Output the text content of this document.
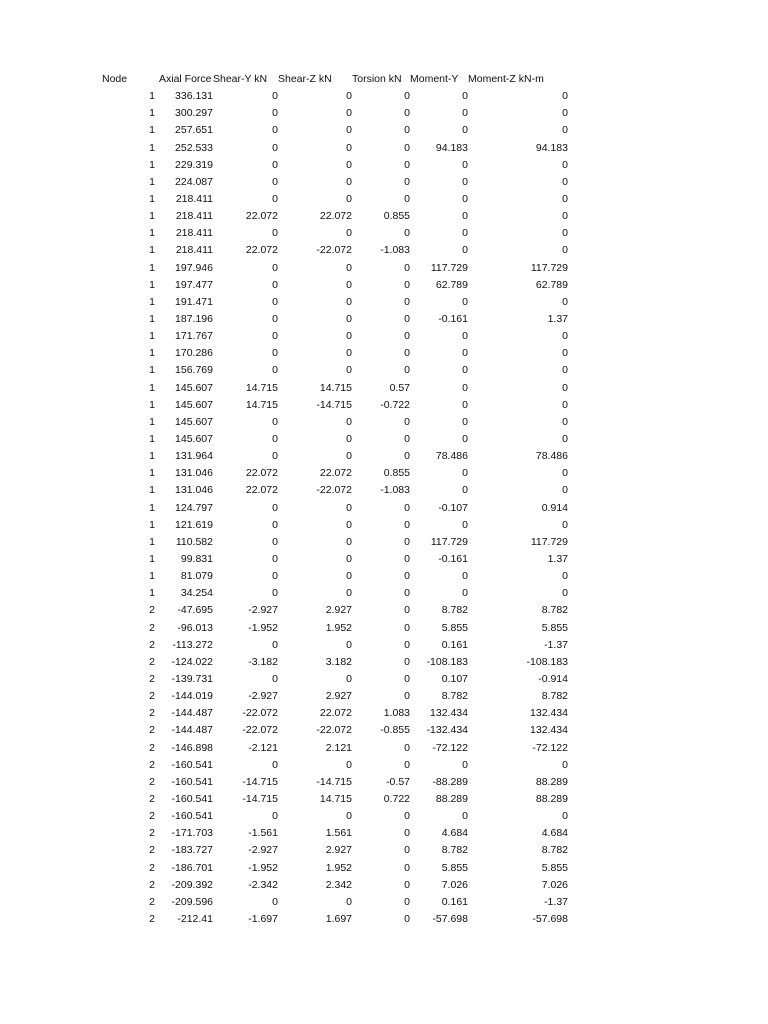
Node	Axial Force	Shear-Y kN	Shear-Z kN	Torsion kN	Moment-Y	Moment-Z kN-m
1	336.131	0	0	0	0	0
1	300.297	0	0	0	0	0
1	257.651	0	0	0	0	0
1	252.533	0	0	0	94.183	94.183
1	229.319	0	0	0	0	0
1	224.087	0	0	0	0	0
1	218.411	0	0	0	0	0
1	218.411	22.072	22.072	0.855	0	0
1	218.411	0	0	0	0	0
1	218.411	22.072	-22.072	-1.083	0	0
1	197.946	0	0	0	117.729	117.729
1	197.477	0	0	0	62.789	62.789
1	191.471	0	0	0	0	0
1	187.196	0	0	0	-0.161	1.37
1	171.767	0	0	0	0	0
1	170.286	0	0	0	0	0
1	156.769	0	0	0	0	0
1	145.607	14.715	14.715	0.57	0	0
1	145.607	14.715	-14.715	-0.722	0	0
1	145.607	0	0	0	0	0
1	145.607	0	0	0	0	0
1	131.964	0	0	0	78.486	78.486
1	131.046	22.072	22.072	0.855	0	0
1	131.046	22.072	-22.072	-1.083	0	0
1	124.797	0	0	0	-0.107	0.914
1	121.619	0	0	0	0	0
1	110.582	0	0	0	117.729	117.729
1	99.831	0	0	0	-0.161	1.37
1	81.079	0	0	0	0	0
1	34.254	0	0	0	0	0
2	-47.695	-2.927	2.927	0	8.782	8.782
2	-96.013	-1.952	1.952	0	5.855	5.855
2	-113.272	0	0	0	0.161	-1.37
2	-124.022	-3.182	3.182	0	-108.183	-108.183
2	-139.731	0	0	0	0.107	-0.914
2	-144.019	-2.927	2.927	0	8.782	8.782
2	-144.487	-22.072	22.072	1.083	132.434	132.434
2	-144.487	-22.072	-22.072	-0.855	-132.434	132.434
2	-146.898	-2.121	2.121	0	-72.122	-72.122
2	-160.541	0	0	0	0	0
2	-160.541	-14.715	-14.715	-0.57	-88.289	88.289
2	-160.541	-14.715	14.715	0.722	88.289	88.289
2	-160.541	0	0	0	0	0
2	-171.703	-1.561	1.561	0	4.684	4.684
2	-183.727	-2.927	2.927	0	8.782	8.782
2	-186.701	-1.952	1.952	0	5.855	5.855
2	-209.392	-2.342	2.342	0	7.026	7.026
2	-209.596	0	0	0	0.161	-1.37
2	-212.41	-1.697	1.697	0	-57.698	-57.698
